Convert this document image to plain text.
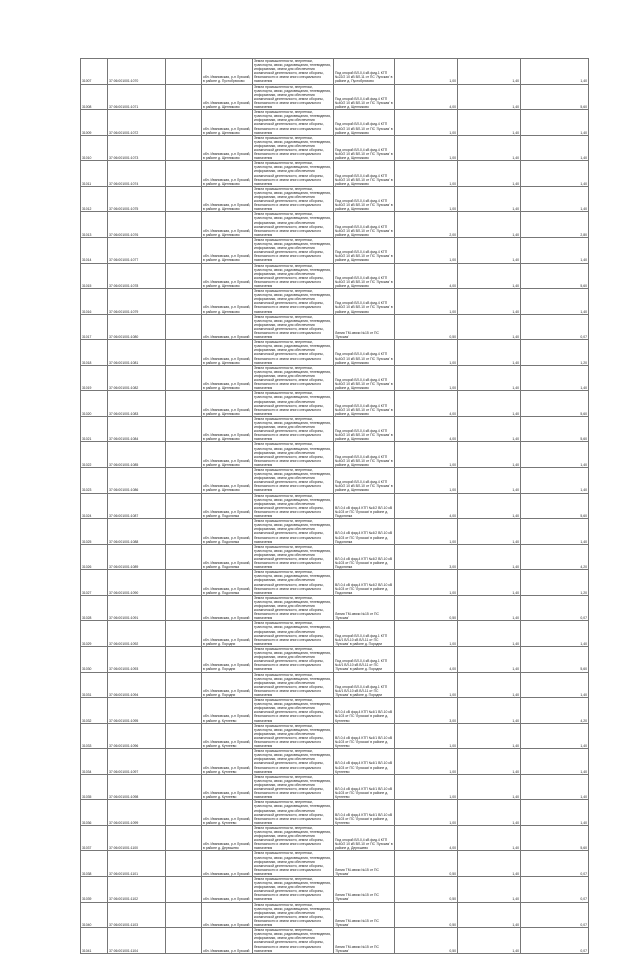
31007	37:06:001001:1070		обл. Ивановская, р-н Лухский, в районе д. Пустобрюхово	Земли промышленности, энергетики, транспорта, связи, радиовещания, телевидения, информатики, земли для обеспечения космической деятельности, земли обороны, безопасности и земли иного специального назначения	Под опорой ВЛ-0,4 кВ фид.1 КТП №22/2 10 кВ ВЛ-11 от ПС 'Лухская' в районе д. Пустобрюхово	1,00	1,40	1,40
31008	37:06:001001:1071		обл. Ивановская, р-н Лухский, в районе д. Щенниково	Земли промышленности, энергетики, транспорта, связи, радиовещания, телевидения, информатики, земли для обеспечения космической деятельности, земли обороны, безопасности и земли иного специального назначения	Под опорой ВЛ-0,4 кВ фид.4 КТП №40/2 10 кВ ВЛ-10 от ПС 'Лухская' в районе д. Щенниково	4,00	1,40	5,60
31009	37:06:001001:1072		обл. Ивановская, р-н Лухский, в районе д. Щенниково	Земли промышленности, энергетики, транспорта, связи, радиовещания, телевидения, информатики, земли для обеспечения космической деятельности, земли обороны, безопасности и земли иного специального назначения	Под опорой ВЛ-0,4 кВ фид.4 КТП №40/2 10 кВ ВЛ-10 от ПС 'Лухская' в районе д. Щенниково	1,00	1,40	1,40
31010	37:06:001001:1073		обл. Ивановская, р-н Лухский, в районе д. Щенниково	Земли промышленности, энергетики, транспорта, связи, радиовещания, телевидения, информатики, земли для обеспечения космической деятельности, земли обороны, безопасности и земли иного специального назначения	Под опорой ВЛ-0,4 кВ фид.4 КТП №40/2 10 кВ ВЛ-10 от ПС 'Лухская' в районе д. Щенниково	1,00	1,40	1,40
31011	37:06:001001:1074		обл. Ивановская, р-н Лухский, в районе д. Щенниково	Земли промышленности, энергетики, транспорта, связи, радиовещания, телевидения, информатики, земли для обеспечения космической деятельности, земли обороны, безопасности и земли иного специального назначения	Под опорой ВЛ-0,4 кВ фид.4 КТП №40/2 10 кВ ВЛ-10 от ПС 'Лухская' в районе д. Щенниково	1,00	1,40	1,40
31012	37:06:001001:1075		обл. Ивановская, р-н Лухский, в районе д. Щенниково	Земли промышленности, энергетики, транспорта, связи, радиовещания, телевидения, информатики, земли для обеспечения космической деятельности, земли обороны, безопасности и земли иного специального назначения	Под опорой ВЛ-0,4 кВ фид.4 КТП №40/2 10 кВ ВЛ-10 от ПС 'Лухская' в районе д. Щенниково	1,00	1,40	1,40
31013	37:06:001001:1076		обл. Ивановская, р-н Лухский, в районе д. Щенниково	Земли промышленности, энергетики, транспорта, связи, радиовещания, телевидения, информатики, земли для обеспечения космической деятельности, земли обороны, безопасности и земли иного специального назначения	Под опорой ВЛ-0,4 кВ фид.4 КТП №40/2 10 кВ ВЛ-10 от ПС 'Лухская' в районе д. Щенниково	2,00	1,40	2,80
31014	37:06:001001:1077		обл. Ивановская, р-н Лухский, в районе д. Щенниково	Земли промышленности, энергетики, транспорта, связи, радиовещания, телевидения, информатики, земли для обеспечения космической деятельности, земли обороны, безопасности и земли иного специального назначения	Под опорой ВЛ-0,4 кВ фид.4 КТП №40/2 10 кВ ВЛ-10 от ПС 'Лухская' в районе д. Щенниково	1,00	1,40	1,40
31015	37:06:001001:1078		обл. Ивановская, р-н Лухский, в районе д. Щенниково	Земли промышленности, энергетики, транспорта, связи, радиовещания, телевидения, информатики, земли для обеспечения космической деятельности, земли обороны, безопасности и земли иного специального назначения	Под опорой ВЛ-0,4 кВ фид.4 КТП №40/2 10 кВ ВЛ-10 от ПС 'Лухская' в районе д. Щенниково	4,00	1,40	5,60
31016	37:06:001001:1079		обл. Ивановская, р-н Лухский, в районе д. Щенниково	Земли промышленности, энергетики, транспорта, связи, радиовещания, телевидения, информатики, земли для обеспечения космической деятельности, земли обороны, безопасности и земли иного специального назначения	Под опорой ВЛ-0,4 кВ фид.4 КТП №40/2 10 кВ ВЛ-10 от ПС 'Лухская' в районе д. Щенниково	1,00	1,40	1,40
31017	37:06:001001:1080		обл. Ивановская, р-н Лухский	Земли промышленности, энергетики, транспорта, связи, радиовещания, телевидения, информатики, земли для обеспечения космической деятельности, земли обороны, безопасности и земли иного специального назначения	Линия ТМ-связи №15 от ПС 'Лухская'	0,50	1,40	0,07
31018	37:06:001001:1081		обл. Ивановская, р-н Лухский, в районе д. Щенниково	Земли промышленности, энергетики, транспорта, связи, радиовещания, телевидения, информатики, земли для обеспечения космической деятельности, земли обороны, безопасности и земли иного специального назначения	Под опорой ВЛ-0,4 кВ фид.4 КТП №40/2 10 кВ ВЛ-10 от ПС 'Лухская' в районе д. Щенниково	1,00	1,40	1,20
31019	37:06:001001:1082		обл. Ивановская, р-н Лухский, в районе д. Щенниково	Земли промышленности, энергетики, транспорта, связи, радиовещания, телевидения, информатики, земли для обеспечения космической деятельности, земли обороны, безопасности и земли иного специального назначения	Под опорой ВЛ-0,4 кВ фид.4 КТП №40/2 10 кВ ВЛ-10 от ПС 'Лухская' в районе д. Щенниково	1,00	1,40	1,40
31020	37:06:001001:1083		обл. Ивановская, р-н Лухский, в районе д. Щенниково	Земли промышленности, энергетики, транспорта, связи, радиовещания, телевидения, информатики, земли для обеспечения космической деятельности, земли обороны, безопасности и земли иного специального назначения	Под опорой ВЛ-0,4 кВ фид.4 КТП №40/2 10 кВ ВЛ-10 от ПС 'Лухская' в районе д. Щенниково	4,00	1,40	5,60
31021	37:06:001001:1084		обл. Ивановская, р-н Лухский, в районе д. Щенниково	Земли промышленности, энергетики, транспорта, связи, радиовещания, телевидения, информатики, земли для обеспечения космической деятельности, земли обороны, безопасности и земли иного специального назначения	Под опорой ВЛ-0,4 кВ фид.4 КТП №40/2 10 кВ ВЛ-10 от ПС 'Лухская' в районе д. Щенниково	4,00	1,40	5,60
31022	37:06:001001:1085		обл. Ивановская, р-н Лухский, в районе д. Щенниково	Земли промышленности, энергетики, транспорта, связи, радиовещания, телевидения, информатики, земли для обеспечения космической деятельности, земли обороны, безопасности и земли иного специального назначения	Под опорой ВЛ-0,4 кВ фид.4 КТП №40/2 10 кВ ВЛ-10 от ПС 'Лухская' в районе д. Щенниково	1,00	1,40	1,40
31023	37:06:001001:1086		обл. Ивановская, р-н Лухский, в районе д. Щенниково	Земли промышленности, энергетики, транспорта, связи, радиовещания, телевидения, информатики, земли для обеспечения космической деятельности, земли обороны, безопасности и земли иного специального назначения	Под опорой ВЛ-0,4 кВ фид.4 КТП №40/2 10 кВ ВЛ-10 от ПС 'Лухская' в районе д. Щенниково	1,00	1,40	1,40
31024	37:06:001001:1087		обл. Ивановская, р-н Лухский, в районе д. Подолянка	Земли промышленности, энергетики, транспорта, связи, радиовещания, телевидения, информатики, земли для обеспечения космической деятельности, земли обороны, безопасности и земли иного специального назначения	ВЛ-0,4 кВ фид.4 КТП №4/2 ВЛ-10 кВ №103 от ПС 'Лухская' в районе д. Подолянка	4,00	1,40	5,60
31025	37:06:001001:1088		обл. Ивановская, р-н Лухский, в районе д. Подолянка	Земли промышленности, энергетики, транспорта, связи, радиовещания, телевидения, информатики, земли для обеспечения космической деятельности, земли обороны, безопасности и земли иного специального назначения	ВЛ-0,4 кВ фид.4 КТП №4/2 ВЛ-10 кВ №103 от ПС 'Лухская' в районе д. Подолянка	1,00	1,40	1,40
31026	37:06:001001:1089		обл. Ивановская, р-н Лухский, в районе д. Подолянка	Земли промышленности, энергетики, транспорта, связи, радиовещания, телевидения, информатики, земли для обеспечения космической деятельности, земли обороны, безопасности и земли иного специального назначения	ВЛ-0,4 кВ фид.4 КТП №4/2 ВЛ-10 кВ №103 от ПС 'Лухская' в районе д. Подолянка	3,00	1,40	4,20
31027	37:06:001001:1090		обл. Ивановская, р-н Лухский, в районе д. Подолянка	Земли промышленности, энергетики, транспорта, связи, радиовещания, телевидения, информатики, земли для обеспечения космической деятельности, земли обороны, безопасности и земли иного специального назначения	ВЛ-0,4 кВ фид.4 КТП №4/2 ВЛ-10 кВ №103 от ПС 'Лухская' в районе д. Подолянка	1,00	1,40	1,20
31028	37:06:001001:1091		обл. Ивановская, р-н Лухский	Земли промышленности, энергетики, транспорта, связи, радиовещания, телевидения, информатики, земли для обеспечения космической деятельности, земли обороны, безопасности и земли иного специального назначения	Линия ТМ-связи №15 от ПС 'Лухская'	0,50	1,40	0,07
31029	37:06:001001:1092		обл. Ивановская, р-н Лухский, в районе д. Порздни	Земли промышленности, энергетики, транспорта, связи, радиовещания, телевидения, информатики, земли для обеспечения космической деятельности, земли обороны, безопасности и земли иного специального назначения	Под опорой ВЛ-0,4 кВ фид.1 КТП №4/1 ВЛ-10 кВ ВЛ-11 от ПС 'Лухская' в районе д. Порздни	1,00	1,40	1,40
31030	37:06:001001:1093		обл. Ивановская, р-н Лухский, в районе д. Порздни	Земли промышленности, энергетики, транспорта, связи, радиовещания, телевидения, информатики, земли для обеспечения космической деятельности, земли обороны, безопасности и земли иного специального назначения	Под опорой ВЛ-0,4 кВ фид.1 КТП №4/1 ВЛ-10 кВ ВЛ-11 от ПС 'Лухская' в районе д. Порздни	4,00	1,40	5,60
31031	37:06:001001:1094		обл. Ивановская, р-н Лухский, в районе д. Порздни	Земли промышленности, энергетики, транспорта, связи, радиовещания, телевидения, информатики, земли для обеспечения космической деятельности, земли обороны, безопасности и земли иного специального назначения	Под опорой ВЛ-0,4 кВ фид.1 КТП №4/1 ВЛ-10 кВ ВЛ-11 от ПС 'Лухская' в районе д. Порздни	1,00	1,40	1,40
31032	37:06:001001:1095		обл. Ивановская, р-н Лухский, в районе д. Кутлеево	Земли промышленности, энергетики, транспорта, связи, радиовещания, телевидения, информатики, земли для обеспечения космической деятельности, земли обороны, безопасности и земли иного специального назначения	ВЛ-0,4 кВ фид.4 КТП №4/1 ВЛ-10 кВ №103 от ПС 'Лухская' в районе д. Кутлеево	3,00	1,40	4,20
31033	37:06:001001:1096		обл. Ивановская, р-н Лухский, в районе д. Кутлеево	Земли промышленности, энергетики, транспорта, связи, радиовещания, телевидения, информатики, земли для обеспечения космической деятельности, земли обороны, безопасности и земли иного специального назначения	ВЛ-0,4 кВ фид.4 КТП №4/1 ВЛ-10 кВ №103 от ПС 'Лухская' в районе д. Кутлеево	1,00	1,40	1,40
31034	37:06:001001:1097		обл. Ивановская, р-н Лухский, в районе д. Кутлеево	Земли промышленности, энергетики, транспорта, связи, радиовещания, телевидения, информатики, земли для обеспечения космической деятельности, земли обороны, безопасности и земли иного специального назначения	ВЛ-0,4 кВ фид.4 КТП №4/1 ВЛ-10 кВ №103 от ПС 'Лухская' в районе д. Кутлеево	1,00	1,40	1,40
31035	37:06:001001:1098		обл. Ивановская, р-н Лухский, в районе д. Кутлеево	Земли промышленности, энергетики, транспорта, связи, радиовещания, телевидения, информатики, земли для обеспечения космической деятельности, земли обороны, безопасности и земли иного специального назначения	ВЛ-0,4 кВ фид.4 КТП №4/1 ВЛ-10 кВ №103 от ПС 'Лухская' в районе д. Кутлеево	1,00	1,40	1,40
31036	37:06:001001:1099		обл. Ивановская, р-н Лухский, в районе д. Кутлеево	Земли промышленности, энергетики, транспорта, связи, радиовещания, телевидения, информатики, земли для обеспечения космической деятельности, земли обороны, безопасности и земли иного специального назначения	ВЛ-0,4 кВ фид.4 КТП №4/1 ВЛ-10 кВ №103 от ПС 'Лухская' в районе д. Кутлеево	1,00	1,40	1,40
31037	37:06:001001:1100		обл. Ивановская, р-н Лухский, в районе д. Дерюшево	Земли промышленности, энергетики, транспорта, связи, радиовещания, телевидения, информатики, земли для обеспечения космической деятельности, земли обороны, безопасности и земли иного специального назначения	Под опорой ВЛ-0,4 кВ фид.4 КТП №40/2 10 кВ ВЛ-10 от ПС 'Лухская' в районе д. Дерюшево	4,00	1,40	5,60
31038	37:06:001001:1101		обл. Ивановская, р-н Лухский	Земли промышленности, энергетики, транспорта, связи, радиовещания, телевидения, информатики, земли для обеспечения космической деятельности, земли обороны, безопасности и земли иного специального назначения	Линия ТМ-связи №15 от ПС 'Лухская'	0,50	1,40	0,07
31039	37:06:001001:1102		обл. Ивановская, р-н Лухский	Земли промышленности, энергетики, транспорта, связи, радиовещания, телевидения, информатики, земли для обеспечения космической деятельности, земли обороны, безопасности и земли иного специального назначения	Линия ТМ-связи №15 от ПС 'Лухская'	0,50	1,40	0,07
31040	37:06:001001:1103		обл. Ивановская, р-н Лухский	Земли промышленности, энергетики, транспорта, связи, радиовещания, телевидения, информатики, земли для обеспечения космической деятельности, земли обороны, безопасности и земли иного специального назначения	Линия ТМ-связи №15 от ПС 'Лухская'	0,50	1,40	0,07
31041	37:06:001001:1104		обл. Ивановская, р-н Лухский	Земли промышленности, энергетики, транспорта, связи, радиовещания, телевидения, информатики, земли для обеспечения космической деятельности, земли обороны, безопасности и земли иного специального назначения	Линия ТМ-связи №15 от ПС 'Лухская'	0,50	1,40	0,07
